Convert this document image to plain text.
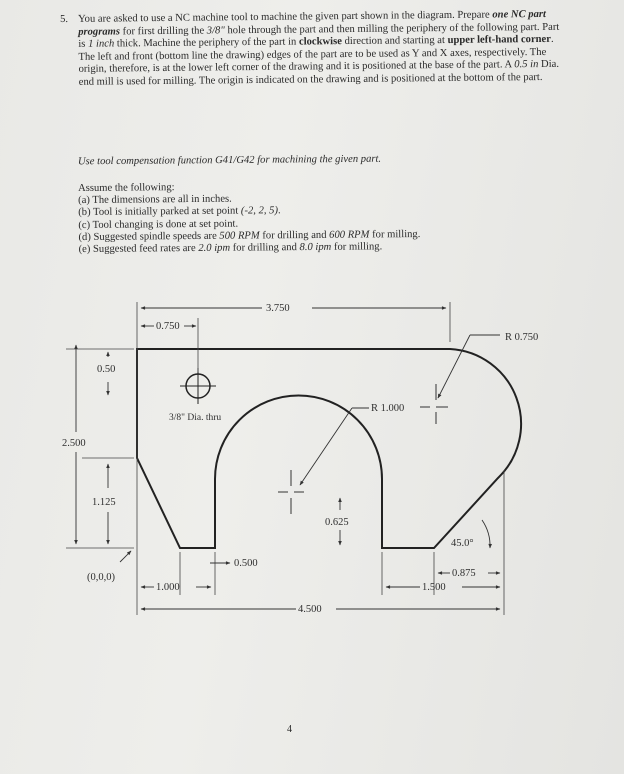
5. You are asked to use a NC machine tool to machine the given part shown in the diagram. Prepare one NC part programs for first drilling the 3/8" hole through the part and then milling the periphery of the following part. Part is 1 inch thick. Machine the periphery of the part in clockwise direction and starting at upper left-hand corner. The left and front (bottom line the drawing) edges of the part are to be used as Y and X axes, respectively. The origin, therefore, is at the lower left corner of the drawing and it is positioned at the base of the part. A 0.5 in Dia. end mill is used for milling. The origin is indicated on the drawing and is positioned at the bottom of the part.
Use tool compensation function G41/G42 for machining the given part.
Assume the following:
(a) The dimensions are all in inches.
(b) Tool is initially parked at set point (-2, 2, 5).
(c) Tool changing is done at set point.
(d) Suggested spindle speeds are 500 RPM for drilling and 600 RPM for milling.
(e) Suggested feed rates are 2.0 ipm for drilling and 8.0 ipm for milling.
3.750
0.750
R 0.750
0.50
3/8" Dia. thru
R 1.000
2.500
1.125
0.625
45.0°
0.500
(0,0,0)
1.000
0.875
1.500
4.500
4
